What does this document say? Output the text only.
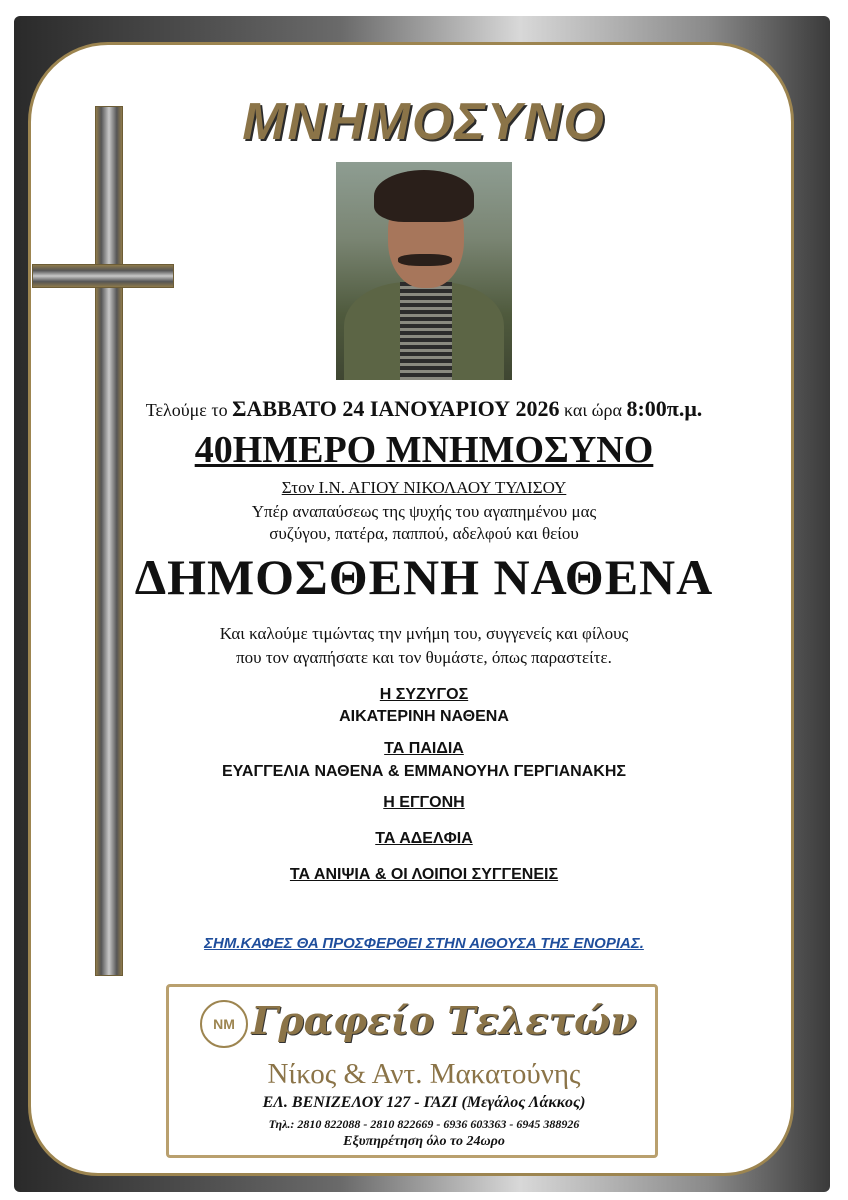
ΜΝΗΜΟΣΥΝΟ
Τελούμε το ΣΑΒΒΑΤΟ 24 ΙΑΝΟΥΑΡΙΟΥ 2026 και ώρα 8:00π.μ.
40ΗΜΕΡΟ ΜΝΗΜΟΣΥΝΟ
Στον Ι.Ν. ΑΓΙΟΥ ΝΙΚΟΛΑΟΥ ΤΥΛΙΣΟΥ
Υπέρ αναπαύσεως της ψυχής του αγαπημένου μας
συζύγου, πατέρα, παππού, αδελφού και θείου
ΔΗΜΟΣΘΕΝΗ ΝΑΘΕΝΑ
Και καλούμε τιμώντας την μνήμη του, συγγενείς και φίλους
που τον αγαπήσατε και τον θυμάστε, όπως παραστείτε.
Η ΣΥΖΥΓΟΣ
ΑΙΚΑΤΕΡΙΝΗ ΝΑΘΕΝΑ
ΤΑ ΠΑΙΔΙΑ
ΕΥΑΓΓΕΛΙΑ ΝΑΘΕΝΑ & ΕΜΜΑΝΟΥΗΛ ΓΕΡΓΙΑΝΑΚΗΣ
Η ΕΓΓΟΝΗ
ΤΑ ΑΔΕΛΦΙΑ
ΤΑ ΑΝΙΨΙΑ & ΟΙ ΛΟΙΠΟΙ ΣΥΓΓΕΝΕΙΣ
ΣΗΜ.ΚΑΦΕΣ ΘΑ ΠΡΟΣΦΕΡΘΕΙ ΣΤΗΝ ΑΙΘΟΥΣΑ ΤΗΣ ΕΝΟΡΙΑΣ.
ΝΜ Γραφείο Τελετών
Νίκος & Αντ. Μακατούνης
ΕΛ. ΒΕΝΙΖΕΛΟΥ 127 - ΓΑΖΙ (Μεγάλος Λάκκος)
Τηλ.: 2810 822088 - 2810 822669 - 6936 603363 - 6945 388926
Εξυπηρέτηση όλο το 24ωρο
